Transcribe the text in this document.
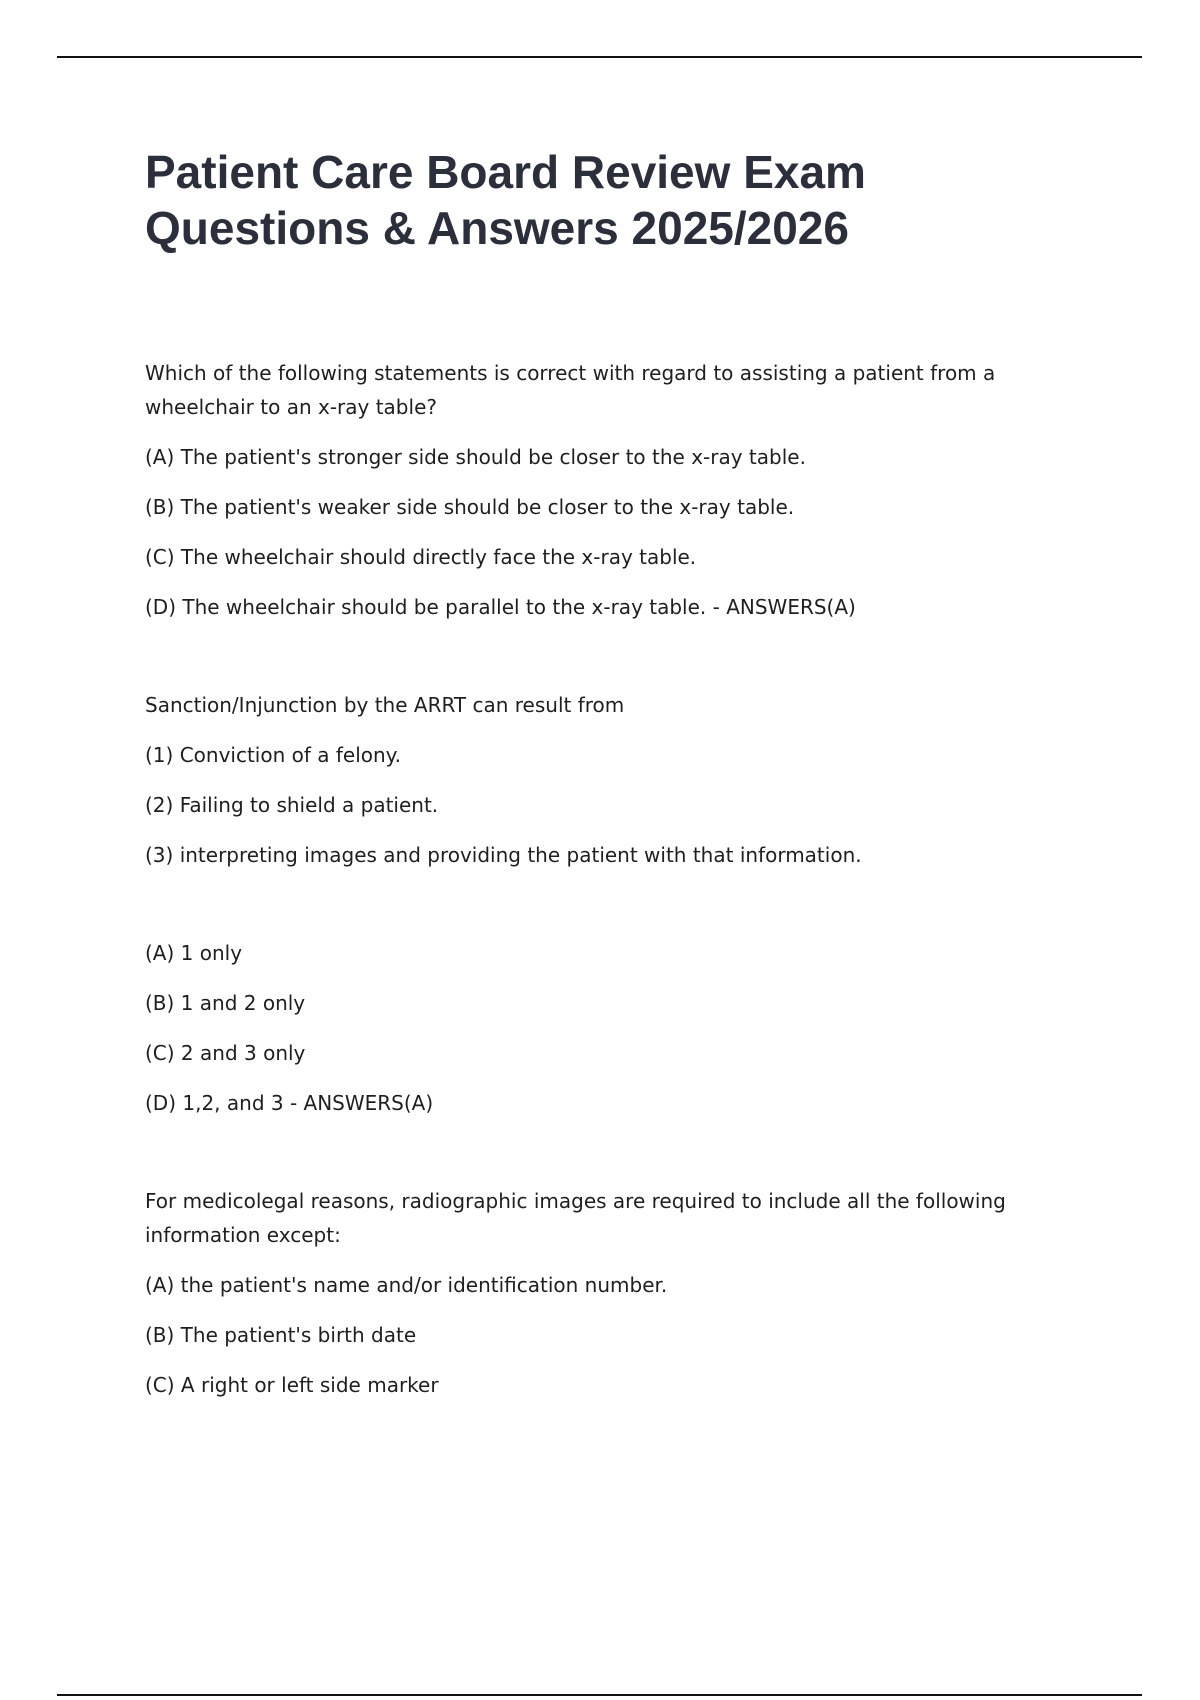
Patient Care Board Review Exam
Questions & Answers 2025/2026

Which of the following statements is correct with regard to assisting a patient from a wheelchair to an x-ray table?

(A) The patient's stronger side should be closer to the x-ray table.

(B) The patient's weaker side should be closer to the x-ray table.

(C) The wheelchair should directly face the x-ray table.

(D) The wheelchair should be parallel to the x-ray table. - ANSWERS(A)

Sanction/Injunction by the ARRT can result from

(1) Conviction of a felony.

(2) Failing to shield a patient.

(3) interpreting images and providing the patient with that information.

(A) 1 only

(B) 1 and 2 only

(C) 2 and 3 only

(D) 1,2, and 3 - ANSWERS(A)

For medicolegal reasons, radiographic images are required to include all the following information except:

(A) the patient's name and/or identification number.

(B) The patient's birth date

(C) A right or left side marker
